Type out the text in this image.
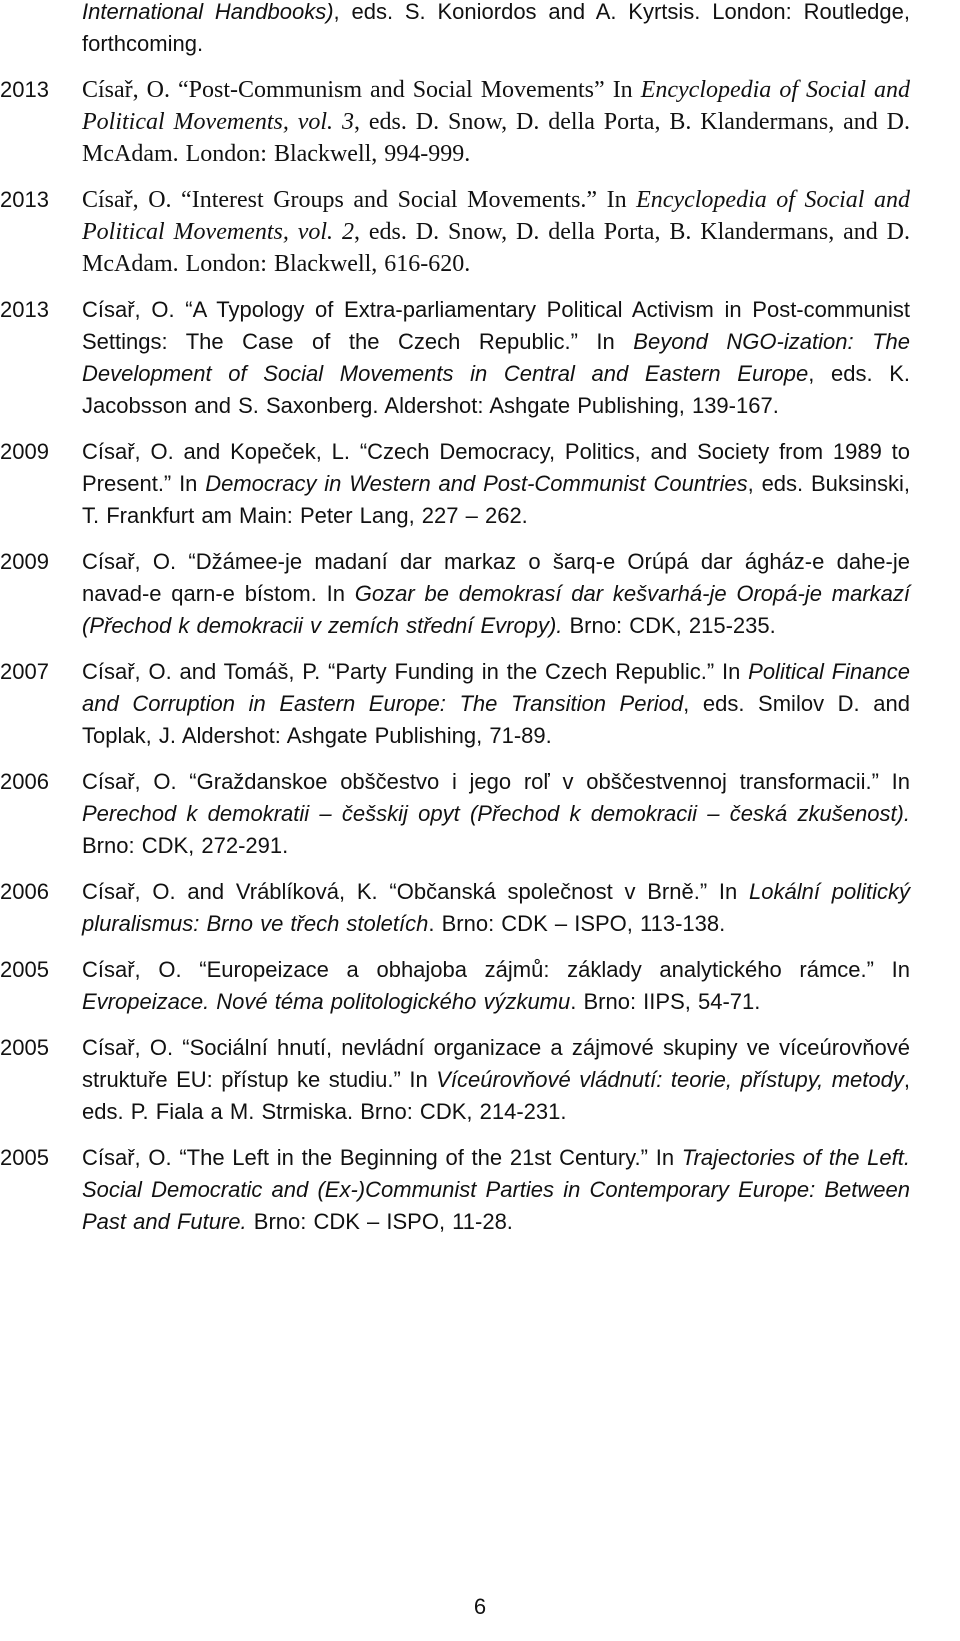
International Handbooks), eds. S. Koniordos and A. Kyrtsis. London: Routledge, forthcoming.
2013	Císař, O. “Post-Communism and Social Movements” In Encyclopedia of Social and Political Movements, vol. 3, eds. D. Snow, D. della Porta, B. Klandermans, and D. McAdam. London: Blackwell, 994-999.
2013	Císař, O. “Interest Groups and Social Movements.” In Encyclopedia of Social and Political Movements, vol. 2, eds. D. Snow, D. della Porta, B. Klandermans, and D. McAdam. London: Blackwell, 616-620.
2013	Císař, O. “A Typology of Extra-parliamentary Political Activism in Post-communist Settings: The Case of the Czech Republic.” In Beyond NGO-ization: The Development of Social Movements in Central and Eastern Europe, eds. K. Jacobsson and S. Saxonberg. Aldershot: Ashgate Publishing, 139-167.
2009	Císař, O. and Kopeček, L. “Czech Democracy, Politics, and Society from 1989 to Present.” In Democracy in Western and Post-Communist Countries, eds. Buksinski, T. Frankfurt am Main: Peter Lang, 227 – 262.
2009	Císař, O. “Džámee-je madaní dar markaz o šarq-e Orúpá dar ágház-e dahe-je navad-e qarn-e bístom. In Gozar be demokrasí dar kešvarhá-je Oropá-je markazí (Přechod k demokracii v zemích střední Evropy). Brno: CDK, 215-235.
2007	Císař, O. and Tomáš, P. “Party Funding in the Czech Republic.” In Political Finance and Corruption in Eastern Europe: The Transition Period, eds. Smilov D. and Toplak, J. Aldershot: Ashgate Publishing, 71-89.
2006	Císař, O. “Graždanskoe obščestvo i jego roľ v obščestvennoj transformacii.” In Perechod k demokratii – češskij opyt (Přechod k demokracii – česká zkušenost). Brno: CDK, 272-291.
2006	Císař, O. and Vráblíková, K. “Občanská společnost v Brně.” In Lokální politický pluralismus: Brno ve třech stoletích. Brno: CDK – ISPO, 113-138.
2005	Císař, O. “Europeizace a obhajoba zájmů: základy analytického rámce.” In Evropeizace. Nové téma politologického výzkumu. Brno: IIPS, 54-71.
2005	Císař, O. “Sociální hnutí, nevládní organizace a zájmové skupiny ve víceúrovňové struktuře EU: přístup ke studiu.” In Víceúrovňové vládnutí: teorie, přístupy, metody, eds. P. Fiala a M. Strmiska. Brno: CDK, 214-231.
2005	Císař, O. “The Left in the Beginning of the 21st Century.” In Trajectories of the Left. Social Democratic and (Ex-)Communist Parties in Contemporary Europe: Between Past and Future. Brno: CDK – ISPO, 11-28.
6
